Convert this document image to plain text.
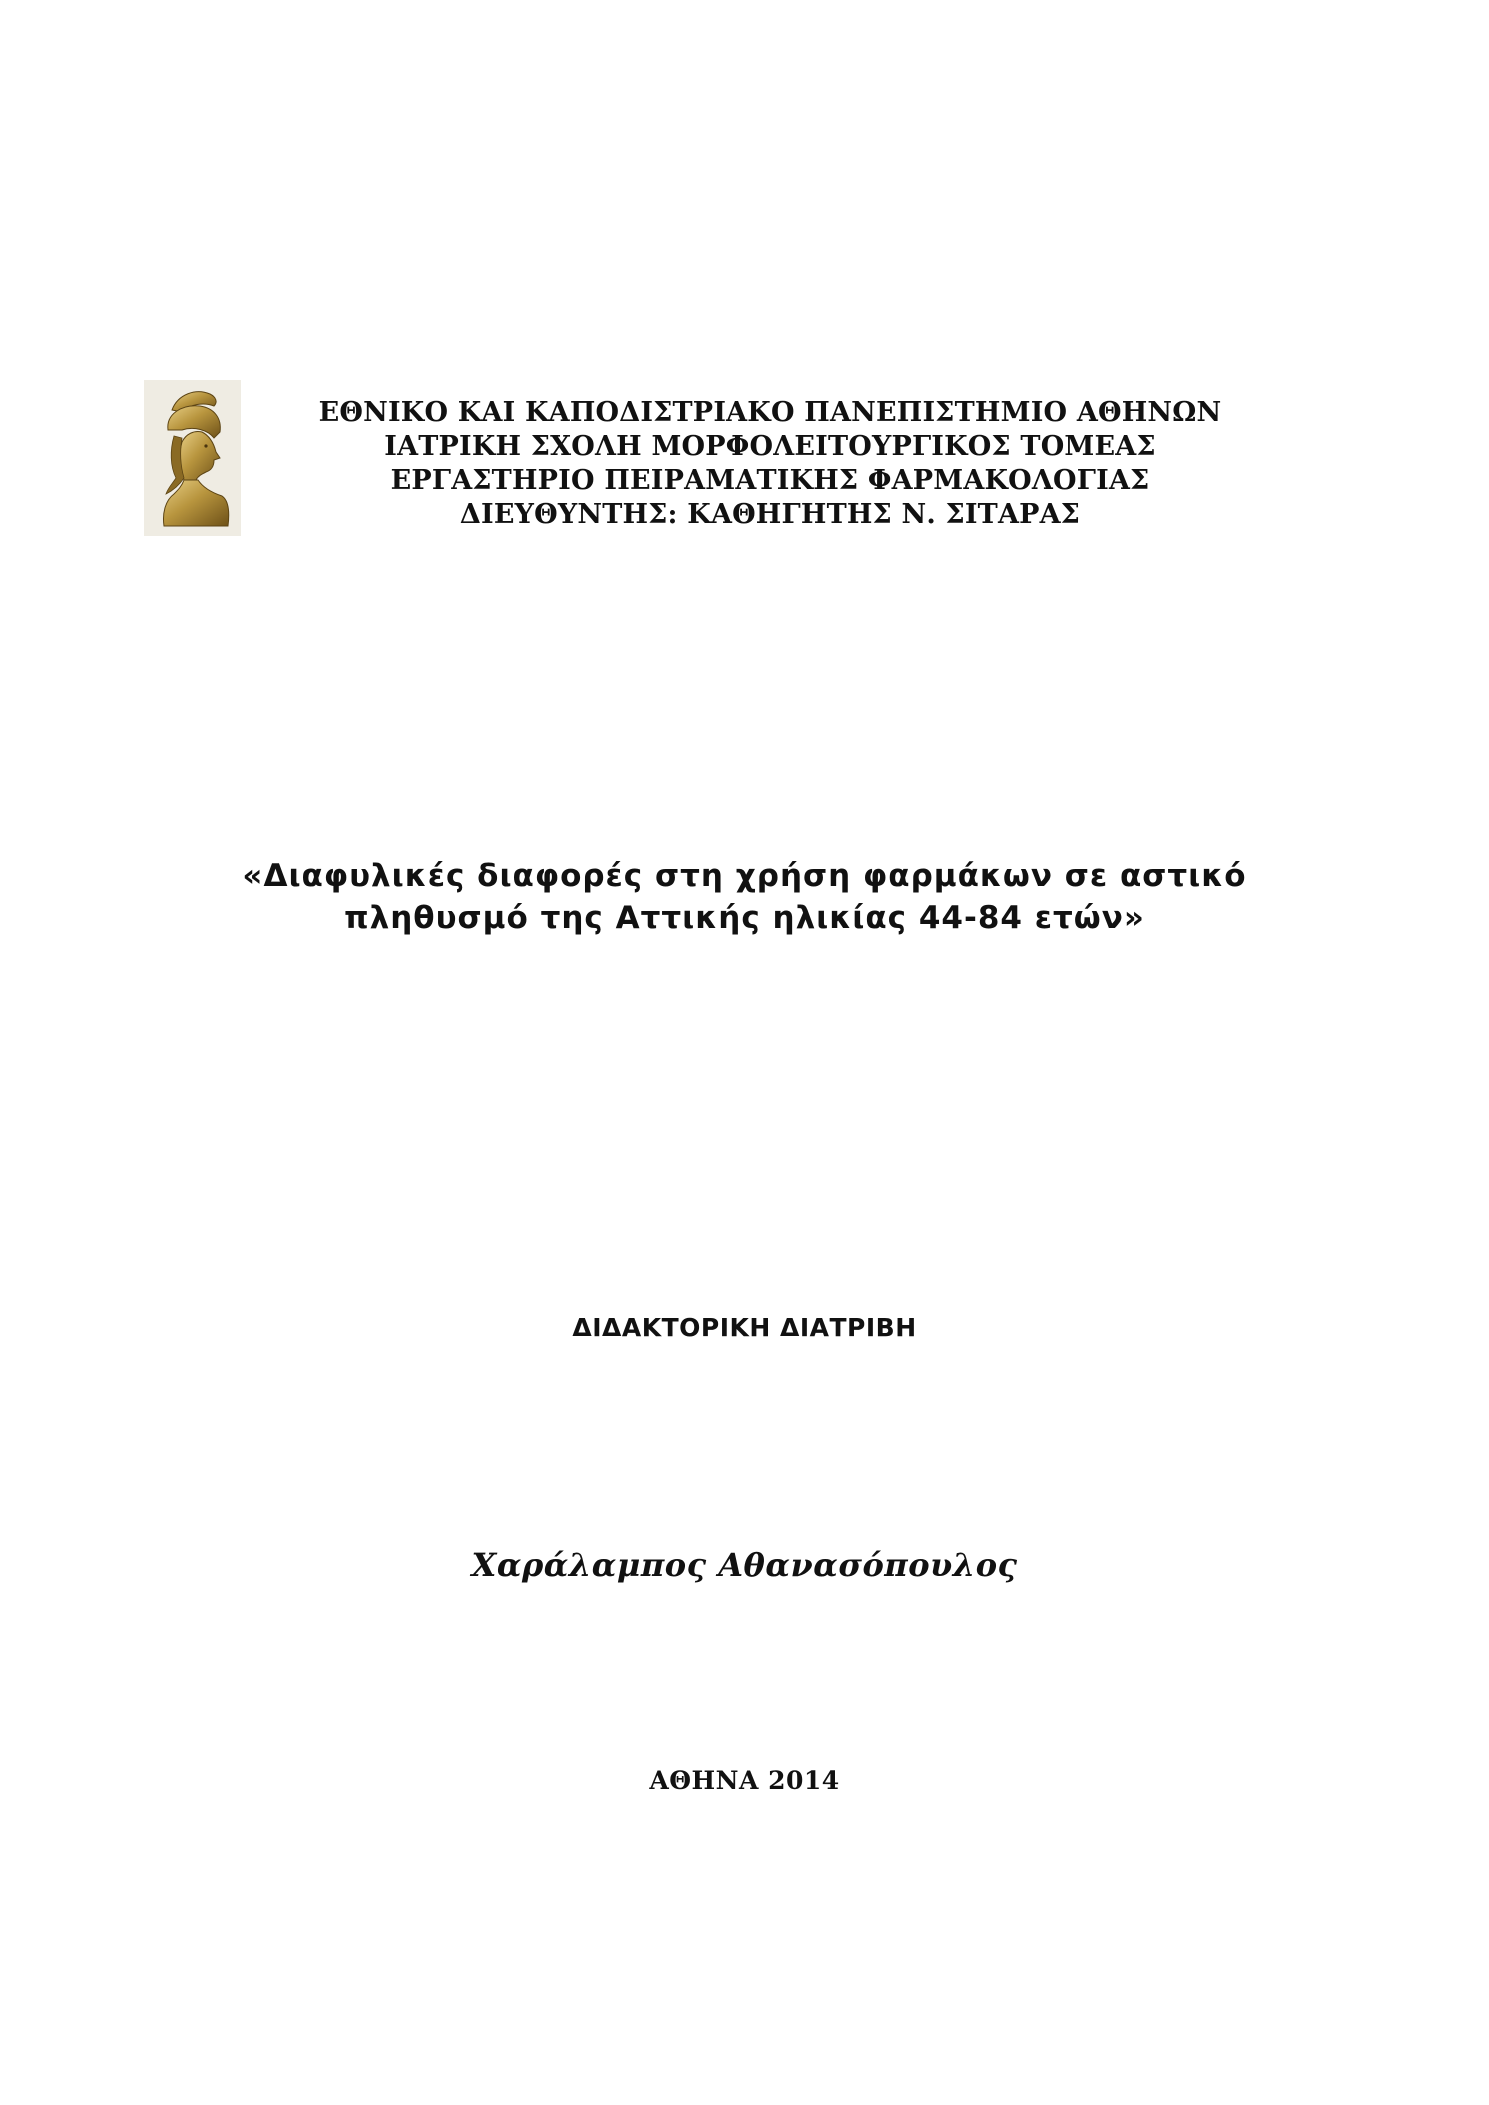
ΕΘΝΙΚΟ ΚΑΙ ΚΑΠΟΔΙΣΤΡΙΑΚΟ ΠΑΝΕΠΙΣΤΗΜΙΟ ΑΘΗΝΩΝ
ΙΑΤΡΙΚΗ ΣΧΟΛΗ ΜΟΡΦΟΛΕΙΤΟΥΡΓΙΚΟΣ ΤΟΜΕΑΣ
ΕΡΓΑΣΤΗΡΙΟ ΠΕΙΡΑΜΑΤΙΚΗΣ ΦΑΡΜΑΚΟΛΟΓΙΑΣ
ΔΙΕΥΘΥΝΤΗΣ: ΚΑΘΗΓΗΤΗΣ Ν. ΣΙΤΑΡΑΣ
«Διαφυλικές διαφορές στη χρήση φαρμάκων σε αστικό
πληθυσμό της Αττικής ηλικίας 44-84 ετών»
ΔΙΔΑΚΤΟΡΙΚΗ ΔΙΑΤΡΙΒΗ
Χαράλαμπος Αθανασόπουλος
ΑΘΗΝΑ 2014
